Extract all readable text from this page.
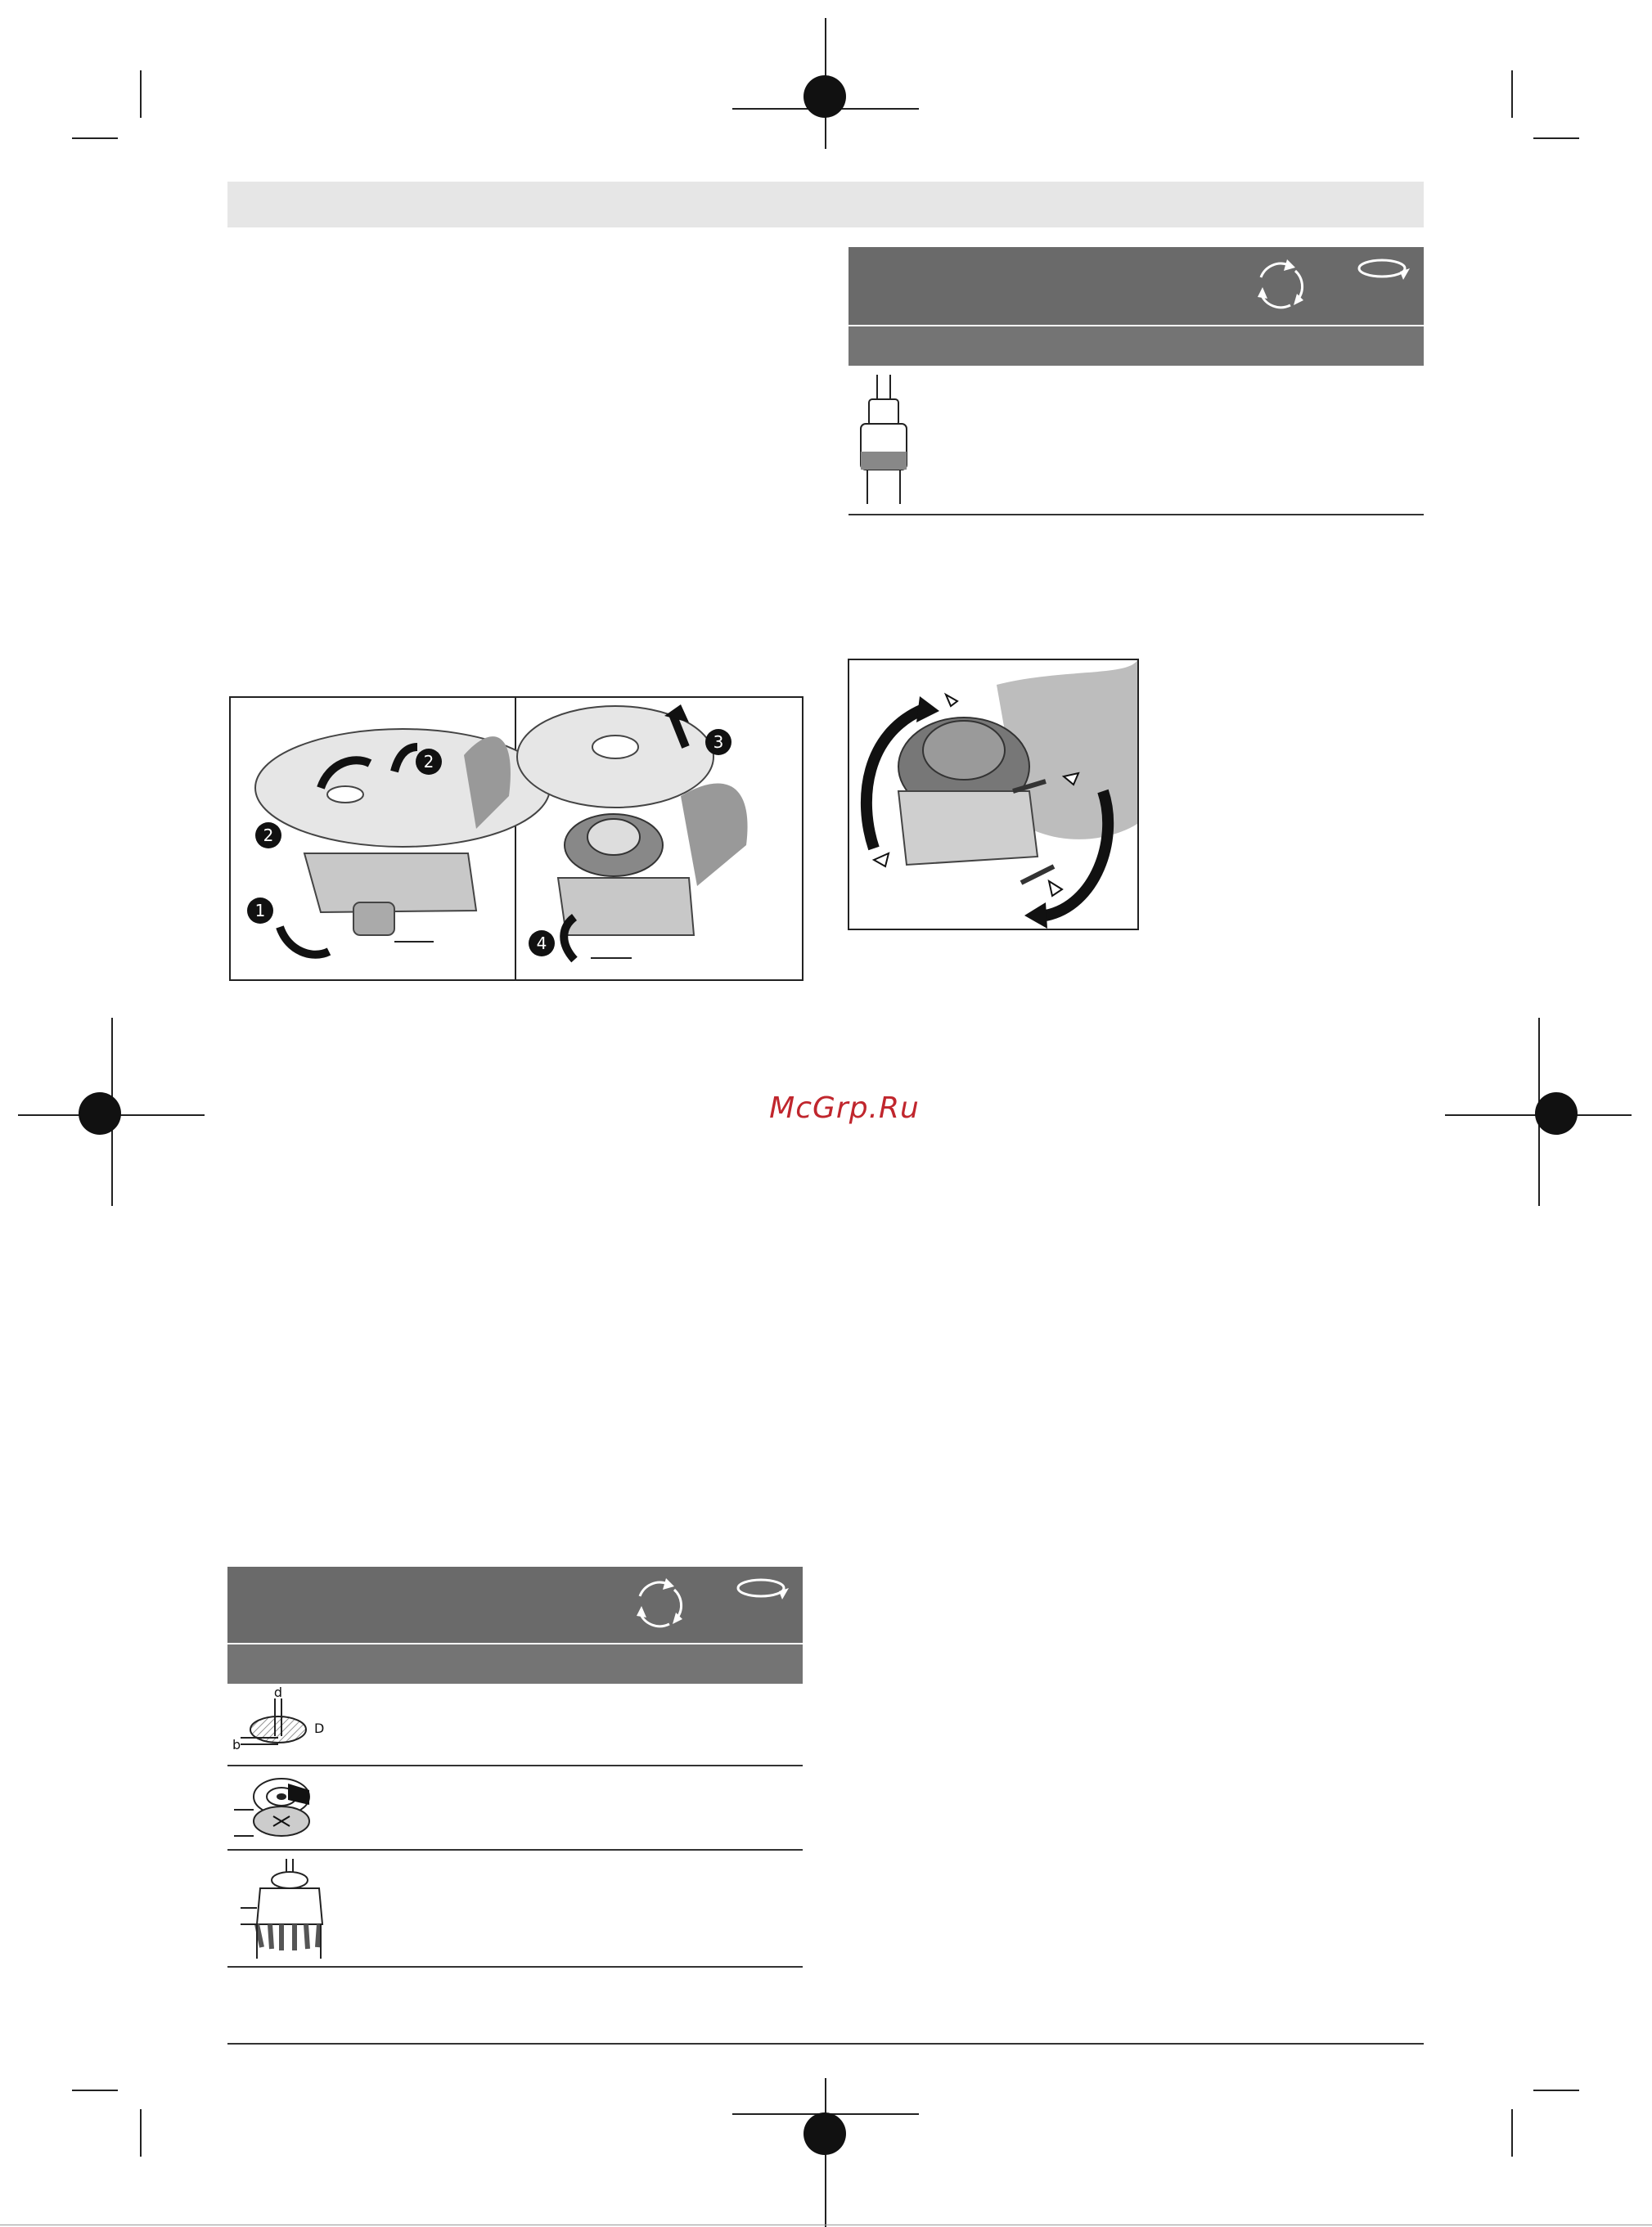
1
2
2
3
4
McGrp.Ru
d
D
b
